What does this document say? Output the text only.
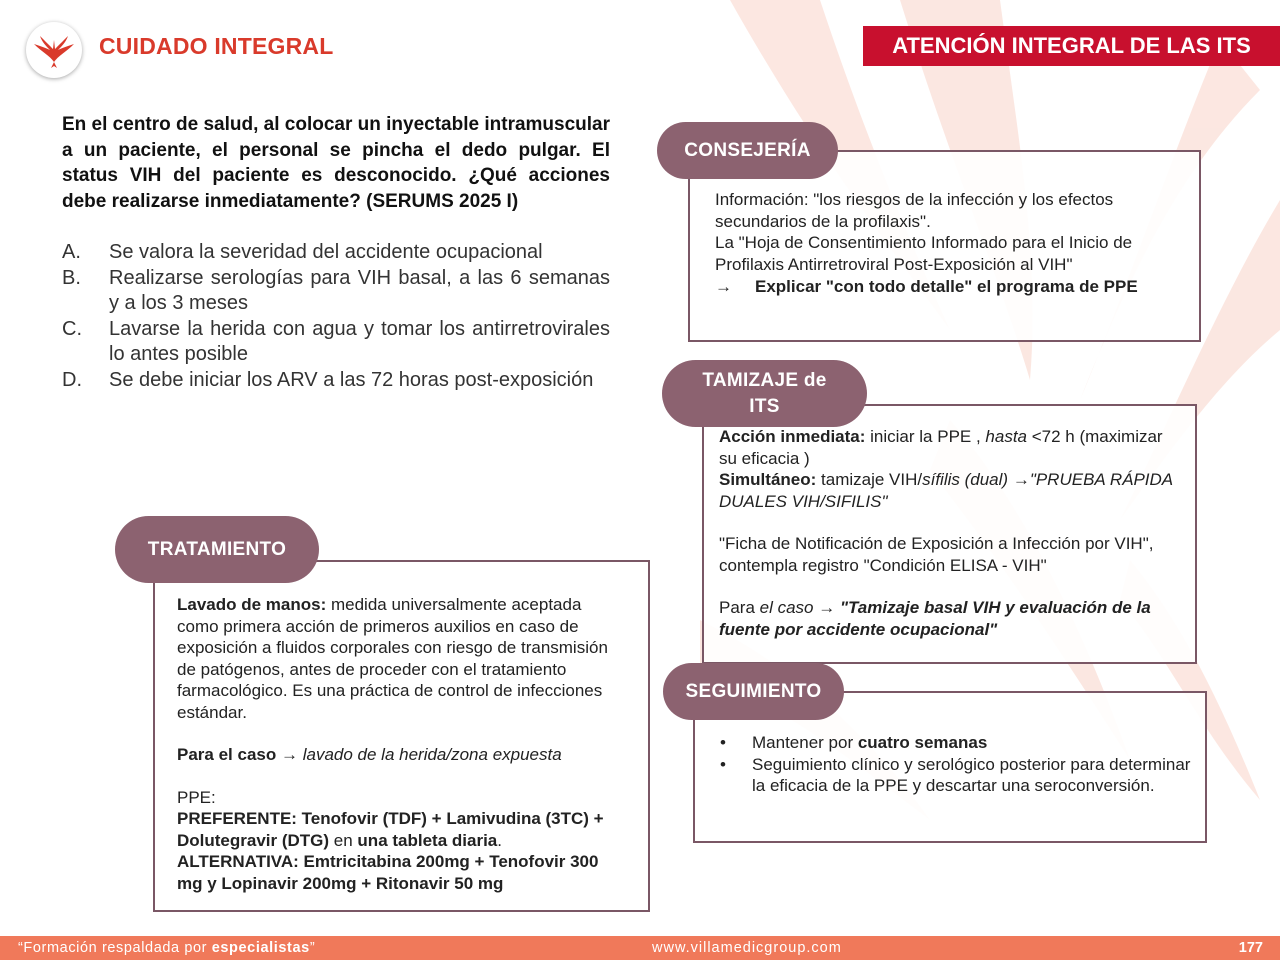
CUIDADO INTEGRAL	ATENCIÓN INTEGRAL DE LAS ITS
En el centro de salud, al colocar un inyectable intramuscular a un paciente, el personal se pincha el dedo pulgar. El status VIH del paciente es desconocido. ¿Qué acciones debe realizarse inmediatamente? (SERUMS 2025 I)
A.	Se valora la severidad del accidente ocupacional
B.	Realizarse serologías para VIH basal, a las 6 semanas y a los 3 meses
C.	Lavarse la herida con agua y tomar los antirretrovirales lo antes posible
D.	Se debe iniciar los ARV a las 72 horas post-exposición
CONSEJERÍA

Información: "los riesgos de la infección y los efectos secundarios de la profilaxis".

La "Hoja de Consentimiento Informado para el Inicio de Profilaxis Antirretroviral Post-Exposición al VIH"

→ Explicar "con todo detalle" el programa de PPE

TAMIZAJE de ITS

Acción inmediata: iniciar la PPE , hasta <72 h (maximizar su eficacia )

Simultáneo: tamizaje VIH/sífilis (dual) →"PRUEBA RÁPIDA DUALES VIH/SIFILIS"

"Ficha de Notificación de Exposición a Infección por VIH", contempla registro "Condición ELISA - VIH"

Para el caso → "Tamizaje basal VIH y evaluación de la fuente por accidente ocupacional"

SEGUIMIENTO
•	Mantener por cuatro semanas
•	Seguimiento clínico y serológico posterior para determinar la eficacia de la PPE y descartar una seroconversión.
TRATAMIENTO

Lavado de manos: medida universalmente aceptada como primera acción de primeros auxilios en caso de exposición a fluidos corporales con riesgo de transmisión de patógenos, antes de proceder con el tratamiento farmacológico. Es una práctica de control de infecciones estándar.

Para el caso → lavado de la herida/zona expuesta

PPE:

PREFERENTE: Tenofovir (TDF) + Lamivudina (3TC) + Dolutegravir (DTG) en una tableta diaria.

ALTERNATIVA: Emtricitabina 200mg + Tenofovir 300 mg y Lopinavir 200mg + Ritonavir 50 mg

“Formación respaldada por especialistas”	www.villamedicgroup.com	177
